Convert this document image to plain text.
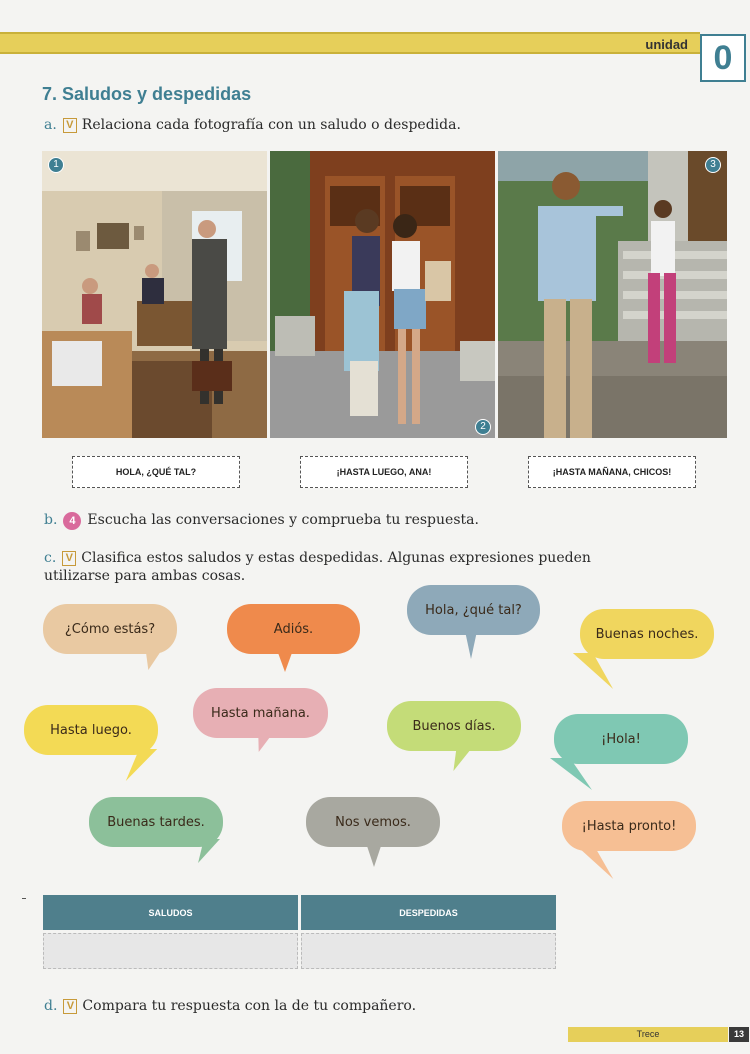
unidad 0
7. Saludos y despedidas
a. V Relaciona cada fotografía con un saludo o despedida.
1
2
3
HOLA, ¿QUÉ TAL?	¡HASTA LUEGO, ANA!	¡HASTA MAÑANA, CHICOS!
b. 4 Escucha las conversaciones y comprueba tu respuesta.
c. V Clasifica estos saludos y estas despedidas. Algunas expresiones pueden
utilizarse para ambas cosas.
¿Cómo estás?	Adiós.
Hola, ¿qué tal?
Buenas noches.
Hasta mañana.
Hasta luego.	Buenos días.
¡Hola!
Buenas tardes.	Nos vemos.	¡Hasta pronto!
SALUDOS	DESPEDIDAS
d. V Compara tu respuesta con la de tu compañero.
Trece	13
